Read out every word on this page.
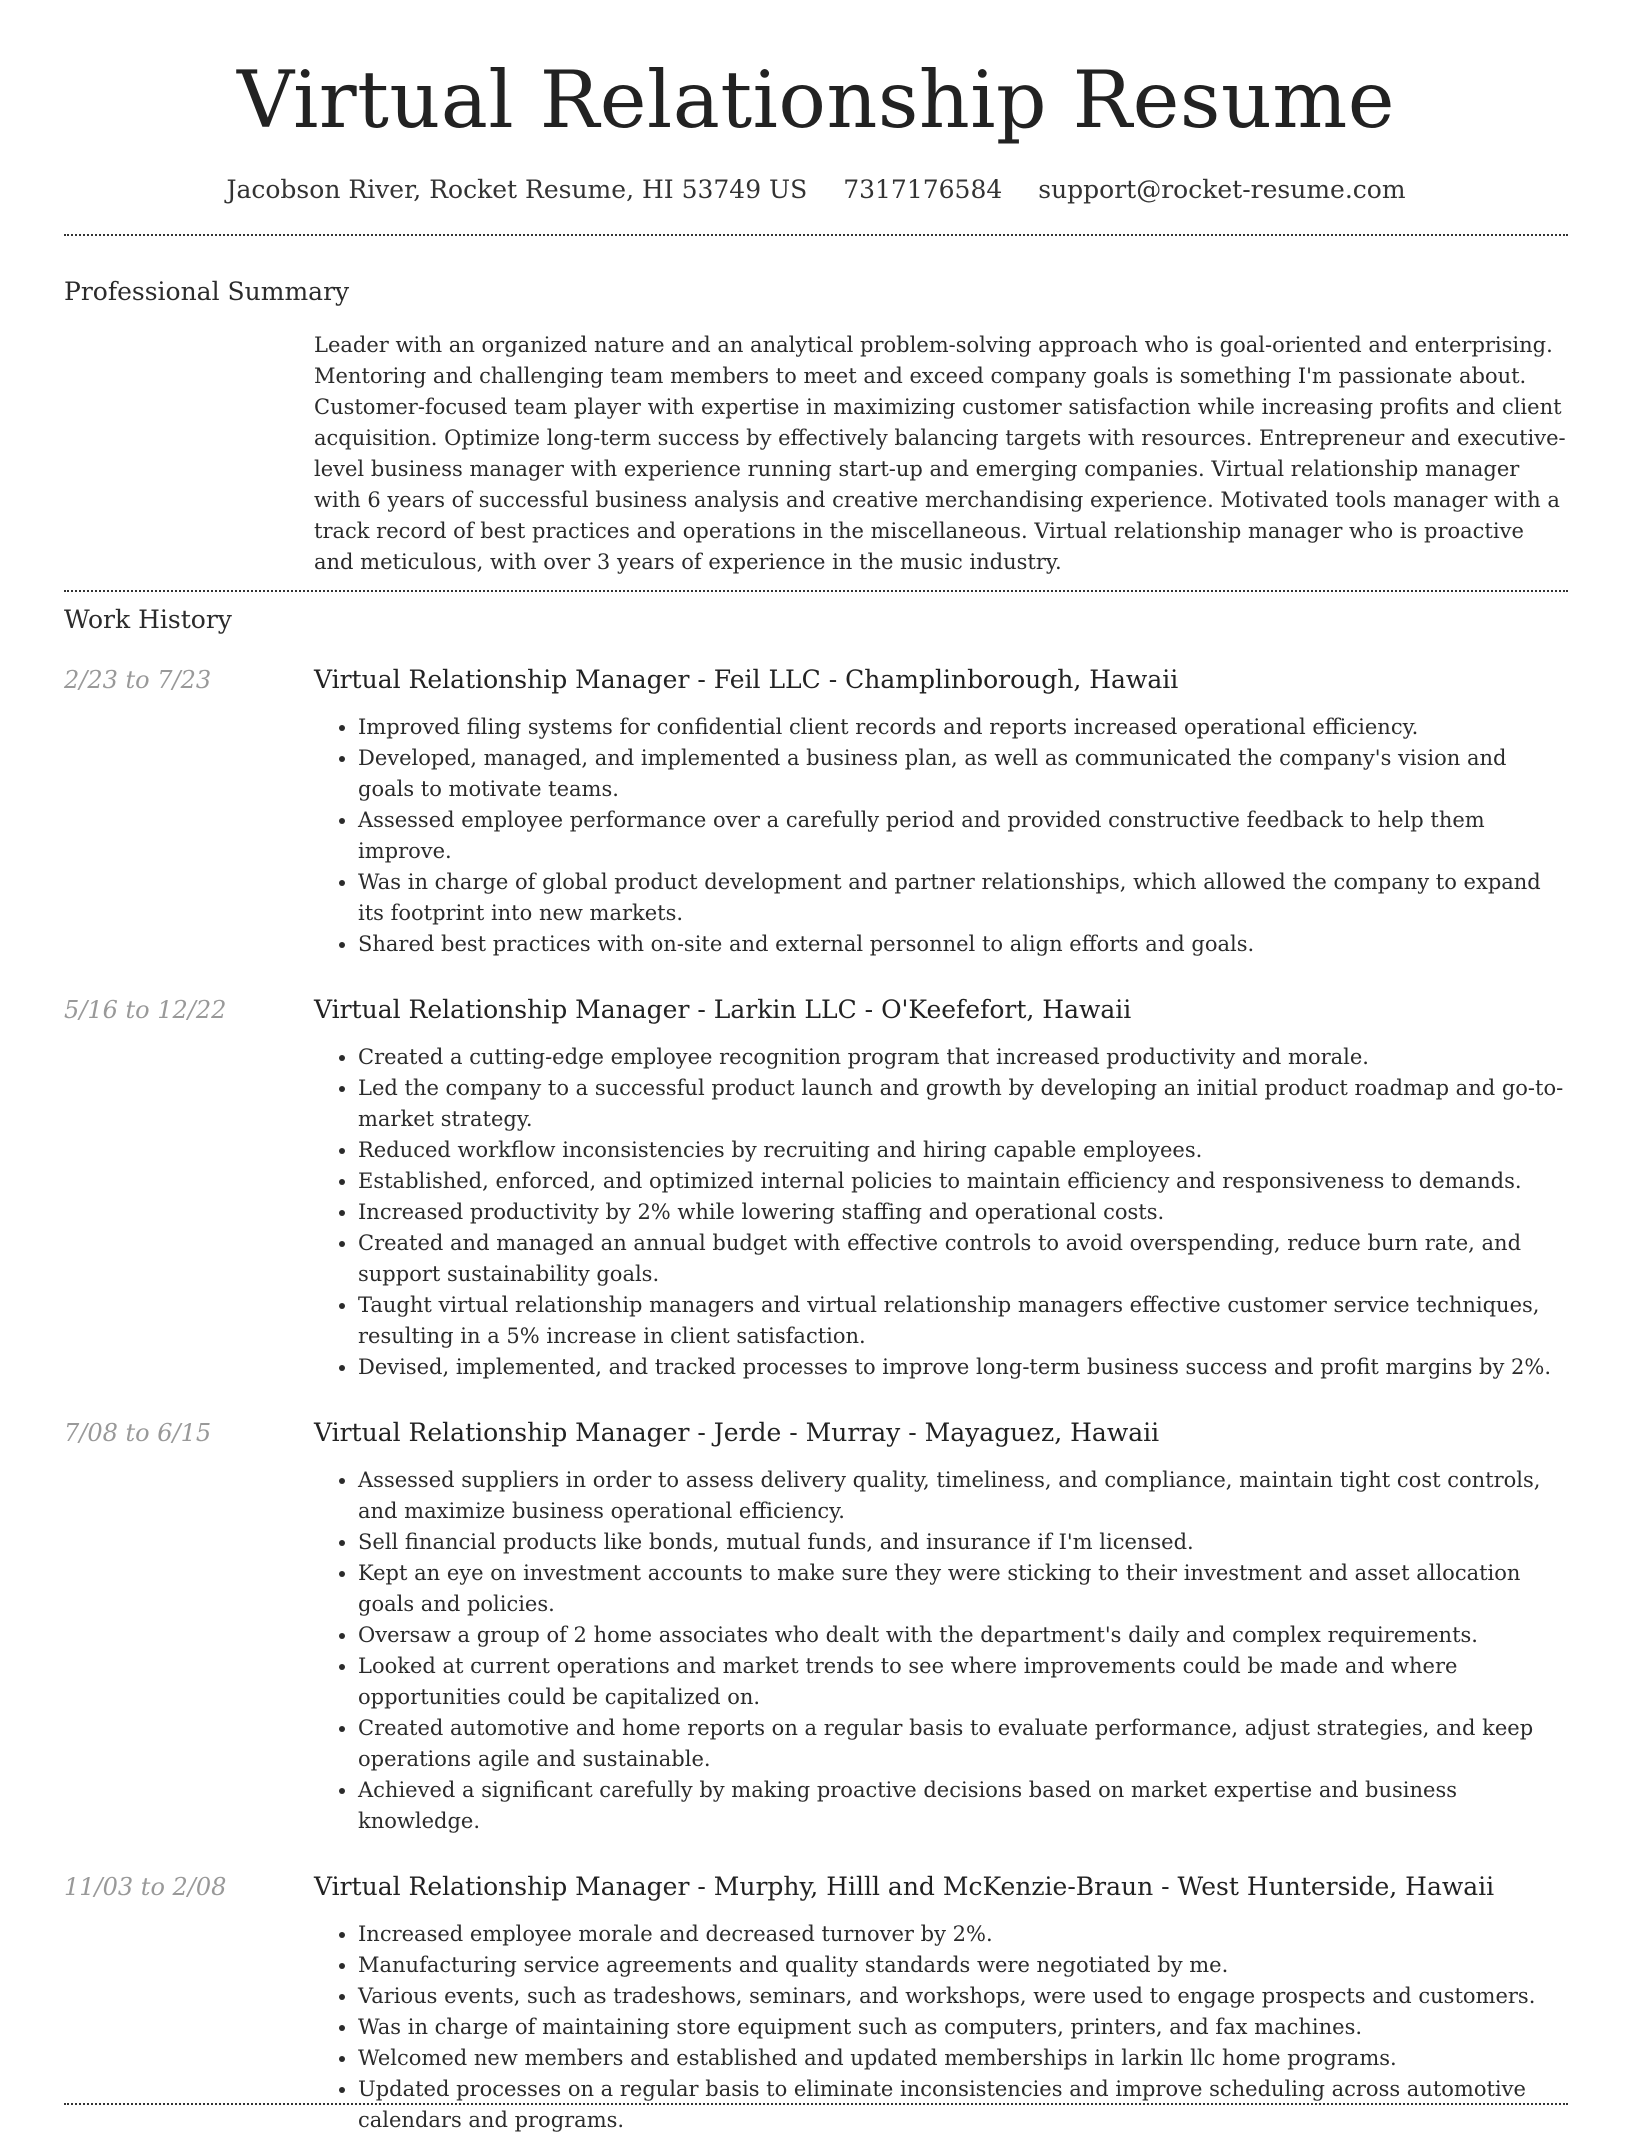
Virtual Relationship Resume
Jacobson River, Rocket Resume, HI 53749 US 7317176584 support@rocket-resume.com
Professional Summary

Leader with an organized nature and an analytical problem-solving approach who is goal-oriented and enterprising. Mentoring and challenging team members to meet and exceed company goals is something I'm passionate about. Customer-focused team player with expertise in maximizing customer satisfaction while increasing profits and client acquisition. Optimize long-term success by effectively balancing targets with resources. Entrepreneur and executive-level business manager with experience running start-up and emerging companies. Virtual relationship manager with 6 years of successful business analysis and creative merchandising experience. Motivated tools manager with a track record of best practices and operations in the miscellaneous. Virtual relationship manager who is proactive and meticulous, with over 3 years of experience in the music industry.

Work History
2/23 to 7/23	Virtual Relationship Manager - Feil LLC - Champlinborough, Hawaii
• Improved filing systems for confidential client records and reports increased operational efficiency.
• Developed, managed, and implemented a business plan, as well as communicated the company's vision and goals to motivate teams.
• Assessed employee performance over a carefully period and provided constructive feedback to help them improve.
• Was in charge of global product development and partner relationships, which allowed the company to expand its footprint into new markets.
• Shared best practices with on-site and external personnel to align efforts and goals.
5/16 to 12/22	Virtual Relationship Manager - Larkin LLC - O'Keefefort, Hawaii
• Created a cutting-edge employee recognition program that increased productivity and morale.
• Led the company to a successful product launch and growth by developing an initial product roadmap and go-to-market strategy.
• Reduced workflow inconsistencies by recruiting and hiring capable employees.
• Established, enforced, and optimized internal policies to maintain efficiency and responsiveness to demands.
• Increased productivity by 2% while lowering staffing and operational costs.
• Created and managed an annual budget with effective controls to avoid overspending, reduce burn rate, and support sustainability goals.
• Taught virtual relationship managers and virtual relationship managers effective customer service techniques, resulting in a 5% increase in client satisfaction.
• Devised, implemented, and tracked processes to improve long-term business success and profit margins by 2%.
7/08 to 6/15	Virtual Relationship Manager - Jerde - Murray - Mayaguez, Hawaii
• Assessed suppliers in order to assess delivery quality, timeliness, and compliance, maintain tight cost controls, and maximize business operational efficiency.
• Sell financial products like bonds, mutual funds, and insurance if I'm licensed.
• Kept an eye on investment accounts to make sure they were sticking to their investment and asset allocation goals and policies.
• Oversaw a group of 2 home associates who dealt with the department's daily and complex requirements.
• Looked at current operations and market trends to see where improvements could be made and where opportunities could be capitalized on.
• Created automotive and home reports on a regular basis to evaluate performance, adjust strategies, and keep operations agile and sustainable.
• Achieved a significant carefully by making proactive decisions based on market expertise and business knowledge.
11/03 to 2/08	Virtual Relationship Manager - Murphy, Hilll and McKenzie-Braun - West Hunterside, Hawaii
• Increased employee morale and decreased turnover by 2%.
• Manufacturing service agreements and quality standards were negotiated by me.
• Various events, such as tradeshows, seminars, and workshops, were used to engage prospects and customers.
• Was in charge of maintaining store equipment such as computers, printers, and fax machines.
• Welcomed new members and established and updated memberships in larkin llc home programs.
• Updated processes on a regular basis to eliminate inconsistencies and improve scheduling across automotive calendars and programs.
